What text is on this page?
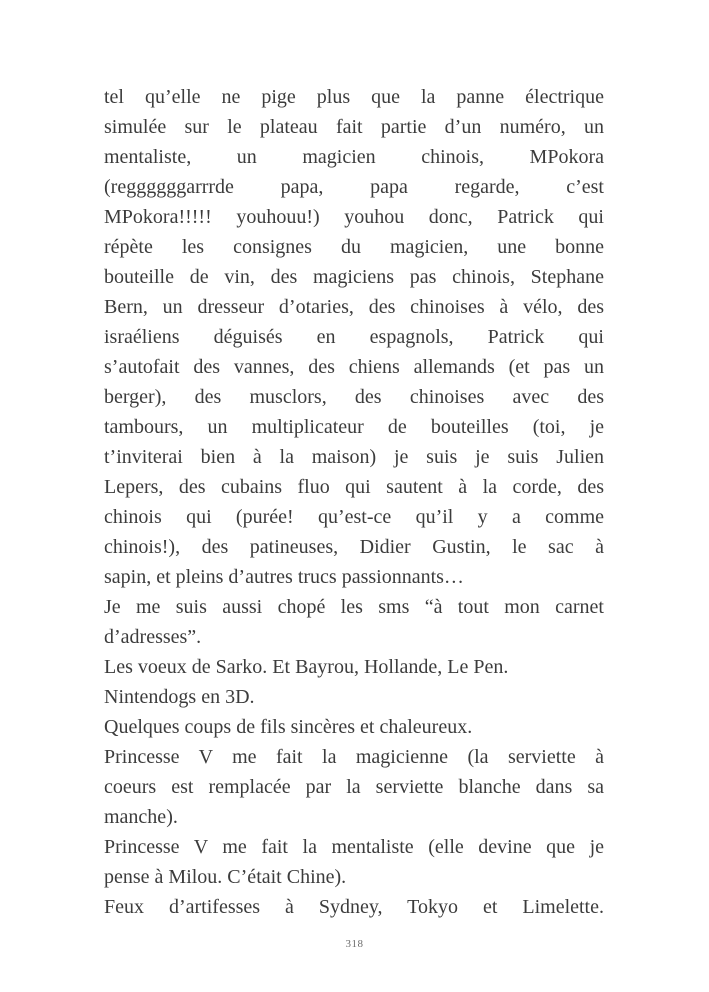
tel qu’elle ne pige plus que la panne électrique
simulée sur le plateau fait partie d’un numéro, un
mentaliste, un magicien chinois, MPokora
(reggggggarrrde papa, papa regarde, c’est
MPokora!!!!! youhouu!) youhou donc, Patrick qui
répète les consignes du magicien, une bonne
bouteille de vin, des magiciens pas chinois, Stephane
Bern, un dresseur d’otaries, des chinoises à vélo, des
israéliens déguisés en espagnols, Patrick qui
s’autofait des vannes, des chiens allemands (et pas un
berger), des musclors, des chinoises avec des
tambours, un multiplicateur de bouteilles (toi, je
t’inviterai bien à la maison) je suis je suis Julien
Lepers, des cubains fluo qui sautent à la corde, des
chinois qui (purée! qu’est-ce qu’il y a comme
chinois!), des patineuses, Didier Gustin, le sac à
sapin, et pleins d’autres trucs passionnants…
Je me suis aussi chopé les sms “à tout mon carnet
d’adresses”.
Les voeux de Sarko. Et Bayrou, Hollande, Le Pen.
Nintendogs en 3D.
Quelques coups de fils sincères et chaleureux.
Princesse V me fait la magicienne (la serviette à
coeurs est remplacée par la serviette blanche dans sa
manche).
Princesse V me fait la mentaliste (elle devine que je
pense à Milou. C’était Chine).
Feux d’artifesses à Sydney, Tokyo et Limelette.
318
